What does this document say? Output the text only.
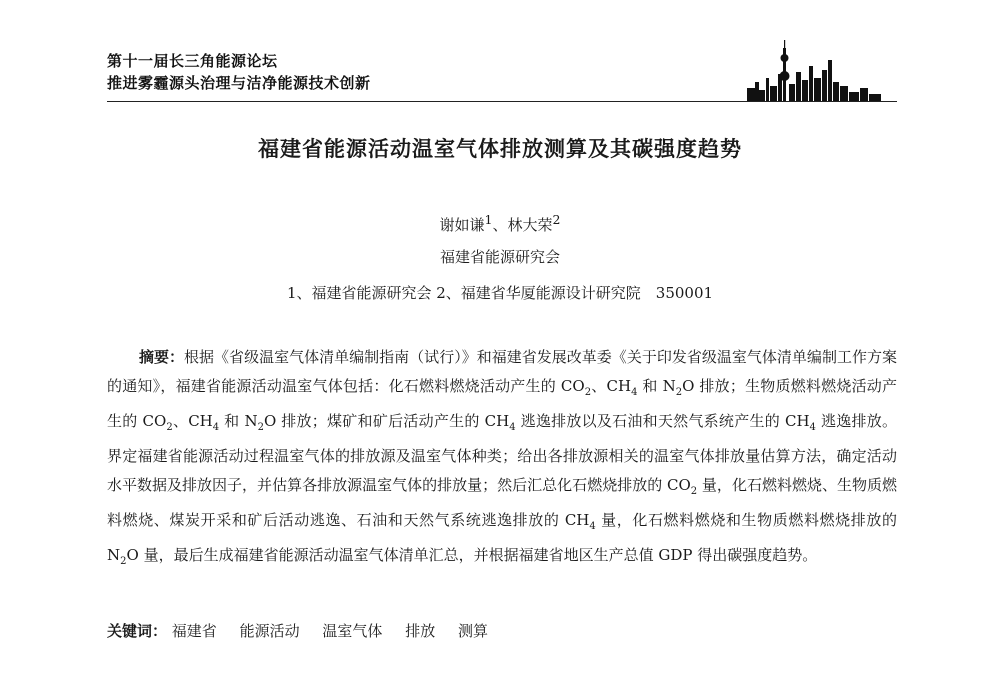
第十一届长三角能源论坛
推进雾霾源头治理与洁净能源技术创新
福建省能源活动温室气体排放测算及其碳强度趋势
谢如谦$^1$、林大荣$^2$
福建省能源研究会
1、福建省能源研究会 2、福建省华厦能源设计研究院　350001
摘要：根据《省级温室气体清单编制指南（试行）》和福建省发展改革委《关于印发省级温室气体清单编制工作方案的通知》，福建省能源活动温室气体包括：化石燃料燃烧活动产生的 $CO_2$、$CH_4$ 和 $N_2O$ 排放；生物质燃料燃烧活动产生的 $CO_2$、$CH_4$ 和 $N_2O$ 排放；煤矿和矿后活动产生的 $CH_4$ 逃逸排放以及石油和天然气系统产生的 $CH_4$ 逃逸排放。界定福建省能源活动过程温室气体的排放源及温室气体种类；给出各排放源相关的温室气体排放量估算方法，确定活动水平数据及排放因子，并估算各排放源温室气体的排放量；然后汇总化石燃烧排放的 $CO_2$ 量，化石燃料燃烧、生物质燃料燃烧、煤炭开采和矿后活动逃逸、石油和天然气系统逃逸排放的 $CH_4$ 量，化石燃料燃烧和生物质燃料燃烧排放的 $N_2O$ 量，最后生成福建省能源活动温室气体清单汇总，并根据福建省地区生产总值 GDP 得出碳强度趋势。
关键词： 福建省 能源活动 温室气体 排放 测算
